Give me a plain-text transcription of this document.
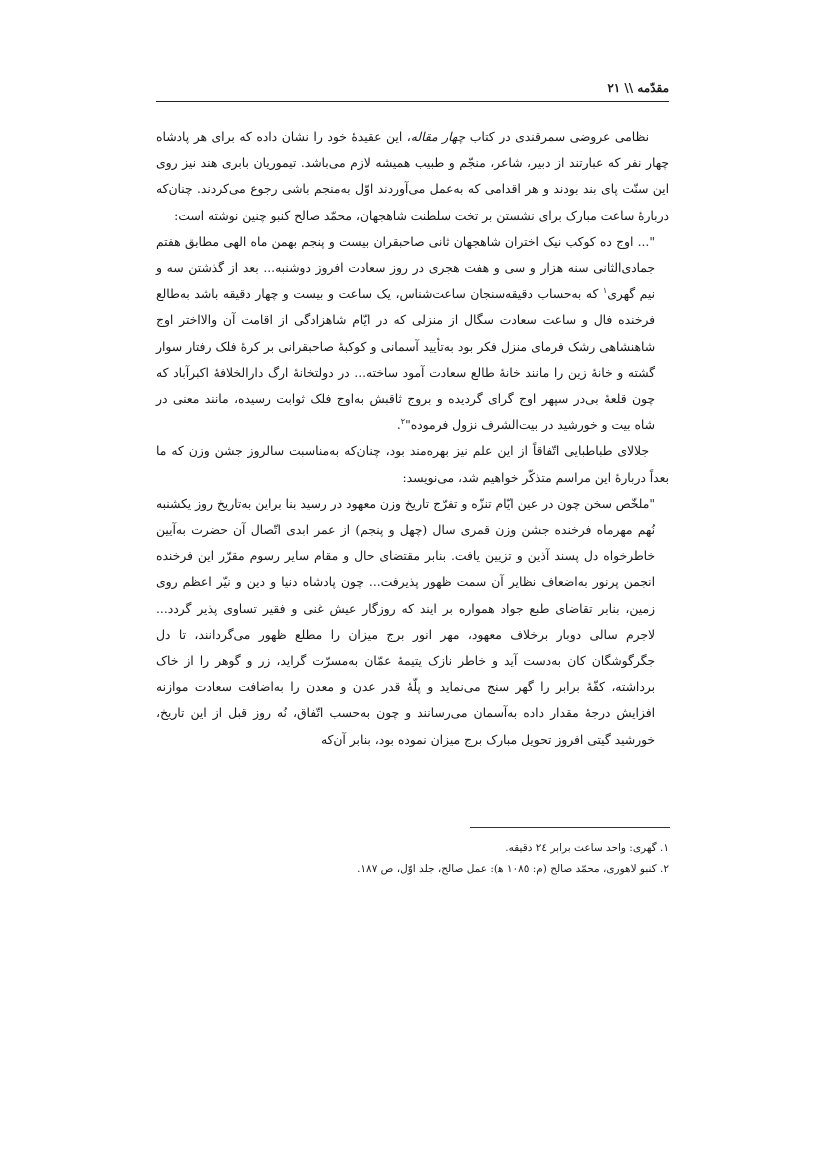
مقدّمه \\ ٢١

نظامی عروضی سمرقندی در کتاب چهار مقاله، این عقیدهٔ خود را نشان داده که برای هر پادشاه چهار نفر که عبارتند از دبیر، شاعر، منجّم و طبیب همیشه لازم می‌باشد. تیموریان بابری هند نیز روی این سنّت پای بند بودند و هر اقدامی که به‌عمل می‌آوردند اوّل به‌منجم باشی رجوع می‌کردند. چنان‌که دربارهٔ ساعت مبارک برای نشستن بر تخت سلطنت شاهجهان، محمّد صالح کنبو چنین نوشته است:

"... اوج ده کوکب نیک اختران شاهجهان ثانی صاحبقران بیست و پنجم بهمن ماه الهی مطابق هفتم جمادی‌الثانی سنه هزار و سی و هفت هجری در روز سعادت افروز دوشنبه... بعد از گذشتن سه و نیم گهری$^١$ که به‌حساب دقیقه‌سنجان ساعت‌شناس، یک ساعت و بیست و چهار دقیقه باشد به‌طالع فرخنده فال و ساعت سعادت سگال از منزلی که در ایّام شاهزادگی از اقامت آن والااختر اوج شاهنشاهی رشک فرمای منزل فکر بود به‌تأیید آسمانی و کوکبهٔ صاحبقرانی بر کرهٔ فلک رفتار سوار گشته و خانهٔ زین را مانند خانهٔ طالع سعادت آمود ساخته... در دولتخانهٔ ارگ دارالخلافهٔ اکبرآباد که چون قلعهٔ بی‌در سپهر اوج گرای گردیده و بروج ثاقبش به‌اوج فلک ثوابت رسیده، مانند معنی در شاه بیت و خورشید در بیت‌الشرف نزول فرموده"$^٢$.

جلالای طباطبایی اتّفاقاً از این علم نیز بهره‌مند بود، چنان‌که به‌مناسبت سالروز جشن وزن که ما بعداً دربارهٔ این مراسم متذکّر خواهیم شد، می‌نویسد:

"ملخّص سخن چون در عین ایّام تنزّه و تفرّج تاریخ وزن معهود در رسید بنا براین به‌تاریخ روز یکشنبه نُهم مهرماه فرخنده جشن وزن قمری سال (چهل و پنجم) از عمر ابدی اتّصال آن حضرت به‌آیین خاطرخواه دل پسند آذین و تزیین یافت. بنابر مقتضای حال و مقام سایر رسوم مقرّر این فرخنده انجمن پرنور به‌اضعاف نظایر آن سمت ظهور پذیرفت... چون پادشاه دنیا و دین و نیّر اعظم روی زمین، بنابر تقاضای طبع جواد همواره بر ایند که روزگار عیش غنی و فقیر تساوی پذیر گردد... لاجرم سالی دوبار برخلاف معهود، مهر انور برج میزان را مطلع ظهور می‌گردانند، تا دل جگرگوشگان کان به‌دست آید و خاطر نازک یتیمهٔ عمّان به‌مسرّت گراید، زر و گوهر را از خاک برداشته، کفّهٔ برابر را گهر سنج می‌نماید و پلّهٔ قدر عدن و معدن را به‌اضافت سعادت موازنه افزایش درجهٔ مقدار داده به‌آسمان می‌رسانند و چون به‌حسب اتّفاق، نُه روز قبل از این تاریخ، خورشید گیتی افروز تحویل مبارک برج میزان نموده بود، بنابر آن‌که
١. گهری: واحد ساعت برابر ٢٤ دقیقه.
٢. کنبو لاهوری، محمّد صالح (م: ١٠٨٥ ﻫ): عمل صالح، جلد اوّل، ص ١٨٧.
